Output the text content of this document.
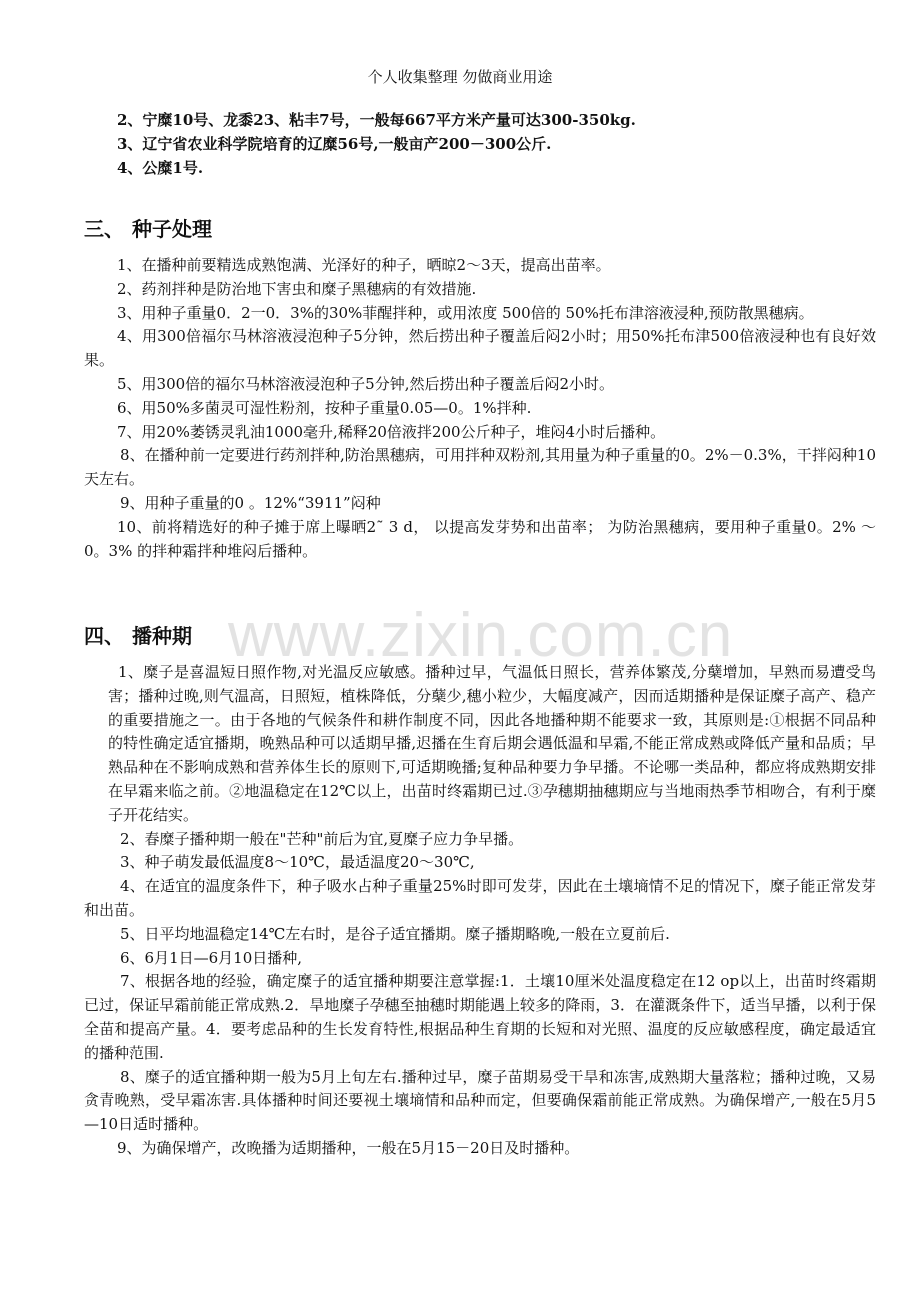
个人收集整理 勿做商业用途
www.zixin.com.cn

2、宁糜10号、龙黍23、粘丰7号，一般每667平方米产量可达300-350kg.

3、辽宁省农业科学院培育的辽糜56号,一般亩产200－300公斤.

4、公糜1号.

三、 种子处理

1、在播种前要精选成熟饱满、光泽好的种子，晒晾2～3天，提高出苗率。

2、药剂拌种是防治地下害虫和糜子黑穗病的有效措施.

3、用种子重量0．2一0．3%的30%菲醒拌种，或用浓度 500倍的 50%托布津溶液浸种,预防散黑穗病。

4、用300倍福尔马林溶液浸泡种子5分钟，然后捞出种子覆盖后闷2小时；用50%托布津500倍液浸种也有良好效果。

5、用300倍的福尔马林溶液浸泡种子5分钟,然后捞出种子覆盖后闷2小时。

6、用50%多菌灵可湿性粉剂，按种子重量0.05—0。1%拌种.

7、用20%萎锈灵乳油1000毫升,稀释20倍液拌200公斤种子，堆闷4小时后播种。

8、在播种前一定要进行药剂拌种,防治黑穗病，可用拌种双粉剂,其用量为种子重量的0。2%－0.3%，干拌闷种10天左右。

9、用种子重量的0 。12%“3911”闷种

10、前将精选好的种子摊于席上曝晒2˜ 3 d， 以提高发芽势和出苗率； 为防治黑穗病，要用种子重量0。2% ～ 0。3% 的拌种霜拌种堆闷后播种。

四、 播种期

1、糜子是喜温短日照作物,对光温反应敏感。播种过早，气温低日照长，营养体繁茂,分蘖增加，早熟而易遭受鸟害；播种过晚,则气温高，日照短，植株降低，分蘖少,穗小粒少，大幅度减产，因而适期播种是保证糜子高产、稳产的重要措施之一。由于各地的气候条件和耕作制度不同，因此各地播种期不能要求一致，其原则是:①根据不同品种的特性确定适宜播期，晚熟品种可以适期早播,迟播在生育后期会遇低温和早霜,不能正常成熟或降低产量和品质；早熟品种在不影响成熟和营养体生长的原则下,可适期晚播;复种品种要力争早播。不论哪一类品种，都应将成熟期安排在早霜来临之前。②地温稳定在12℃以上，出苗时终霜期已过.③孕穗期抽穗期应与当地雨热季节相吻合，有利于糜子开花结实。

2、春糜子播种期一般在"芒种"前后为宜,夏糜子应力争早播。

3、种子萌发最低温度8～10℃，最适温度20～30℃,

4、在适宜的温度条件下，种子吸水占种子重量25%时即可发芽，因此在土壤墒情不足的情况下，糜子能正常发芽和出苗。

5、日平均地温稳定14℃左右时，是谷子适宜播期。糜子播期略晚,一般在立夏前后.

6、6月1日—6月10日播种,

7、根据各地的经验，确定糜子的适宜播种期要注意掌握:1．土壤10厘米处温度稳定在12 op以上，出苗时终霜期已过，保证早霜前能正常成熟.2．旱地糜子孕穗至抽穗时期能遇上较多的降雨，3．在灌溉条件下，适当早播，以利于保全苗和提高产量。4．要考虑品种的生长发育特性,根据品种生育期的长短和对光照、温度的反应敏感程度，确定最适宜的播种范围.

8、糜子的适宜播种期一般为5月上旬左右.播种过早，糜子苗期易受干旱和冻害,成熟期大量落粒；播种过晚，又易贪青晚熟，受早霜冻害.具体播种时间还要视土壤墒情和品种而定，但要确保霜前能正常成熟。为确保增产,一般在5月5—10日适时播种。

9、为确保增产，改晚播为适期播种，一般在5月15－20日及时播种。
